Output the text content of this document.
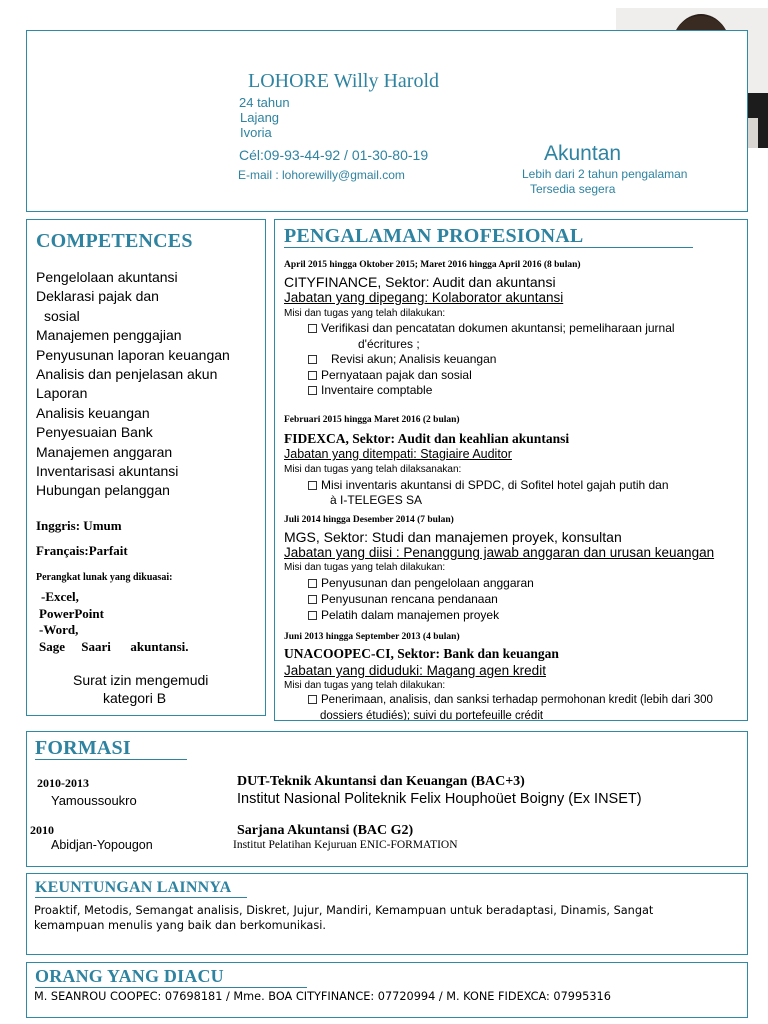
LOHORE Willy Harold
24 tahun
Lajang
Ivoria
Cél:09-93-44-92 / 01-30-80-19
E-mail : lohorewilly@gmail.com
Akuntan
Lebih dari 2 tahun pengalaman
Tersedia segera
COMPETENCES
Pengelolaan akuntansi
Deklarasi pajak dan
sosial
Manajemen penggajian
Penyusunan laporan keuangan
Analisis dan penjelasan akun
Laporan
Analisis keuangan
Penyesuaian Bank
Manajemen anggaran
Inventarisasi akuntansi
Hubungan pelanggan
Inggris: Umum
Français:Parfait
Perangkat lunak yang dikuasai:
-Excel,
PowerPoint
-Word,
Sage     Saari      akuntansi.
Surat izin mengemudi
kategori B
PENGALAMAN PROFESIONAL
April 2015 hingga Oktober 2015; Maret 2016 hingga April 2016 (8 bulan)
CITYFINANCE, Sektor: Audit dan akuntansi
Jabatan yang dipegang: Kolaborator akuntansi
Misi dan tugas yang telah dilakukan:
Verifikasi dan pencatatan dokumen akuntansi; pemeliharaan jurnal
d'écritures ;
Revisi akun; Analisis keuangan
Pernyataan pajak dan sosial
Inventaire comptable
Februari 2015 hingga Maret 2016 (2 bulan)
FIDEXCA, Sektor: Audit dan keahlian akuntansi
Jabatan yang ditempati: Stagiaire Auditor
Misi dan tugas yang telah dilaksanakan:
Misi inventaris akuntansi di SPDC, di Sofitel hotel gajah putih dan
à I-TELEGES SA
Juli 2014 hingga Desember 2014 (7 bulan)
MGS, Sektor: Studi dan manajemen proyek, konsultan
Jabatan yang diisi : Penanggung jawab anggaran dan urusan keuangan
Misi dan tugas yang telah dilakukan:
Penyusunan dan pengelolaan anggaran
Penyusunan rencana pendanaan
Pelatih dalam manajemen proyek
Juni 2013 hingga September 2013 (4 bulan)
UNACOOPEC-CI, Sektor: Bank dan keuangan
Jabatan yang diduduki: Magang agen kredit
Misi dan tugas yang telah dilakukan:
Penerimaan, analisis, dan sanksi terhadap permohonan kredit (lebih dari 300
dossiers étudiés); suivi du portefeuille crédit
FORMASI
2010-2013
Yamoussoukro
DUT-Teknik Akuntansi dan Keuangan (BAC+3)
Institut Nasional Politeknik Felix Houphoüet Boigny (Ex INSET)
2010
Abidjan-Yopougon
Sarjana Akuntansi (BAC G2)
Institut Pelatihan Kejuruan ENIC-FORMATION
KEUNTUNGAN LAINNYA
Proaktif, Metodis, Semangat analisis, Diskret, Jujur, Mandiri, Kemampuan untuk beradaptasi, Dinamis, Sangat
kemampuan menulis yang baik dan berkomunikasi.
ORANG YANG DIACU
M. SEANROU COOPEC: 07698181 / Mme. BOA CITYFINANCE: 07720994 / M. KONE FIDEXCA: 07995316
